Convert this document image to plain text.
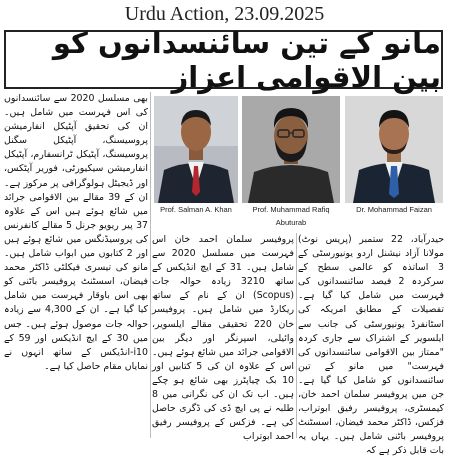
Urdu Action, 23.09.2025
مانو کے تین سائنسدانوں کو بین الاقوامی اعزاز
Prof. Salman A. Khan	Prof. Muhammad Rafiq Abuturab
Dr. Mohammad Faizan

حیدرآباد، 22 ستمبر (پریس نوٹ) مولانا آزاد نیشنل اردو یونیورسٹی کے 3 اساتذہ کو عالمی سطح کے سرکردہ 2 فیصد سائنسدانوں کی فہرست میں شامل کیا گیا ہے۔ تفصیلات کے مطابق امریکہ کی اسٹانفرڈ یونیورسٹی کی جانب سے ایلسویر کے اشتراک سے جاری کردہ "ممتاز بین الاقوامی سائنسدانوں کی فہرست" میں مانو کے تین سائنسدانوں کو شامل کیا گیا ہے۔ جن میں پروفیسر سلمان احمد خان، کیمسٹری، پروفیسر رفیق ابوتراب، فزکس، ڈاکٹر محمد فیضان، اسسٹنٹ پروفیسر باٹنی شامل ہیں۔ یہاں یہ بات قابل ذکر ہے کہ

پروفیسر سلمان احمد خان اس فہرست میں مسلسل 2020 سے شامل ہیں۔ 31 کے ایچ انڈیکس کے ساتھ 3210 زیادہ حوالہ جات (Scopus) ان کے نام کے ساتھ ریکارڈ میں شامل ہیں۔ پروفیسر خان 220 تحقیقی مقالے ایلسویر، وائیلی، اسپرنگر اور دیگر بین الاقوامی جرائد میں شائع ہوئے ہیں۔ اس کے علاوہ ان کی 5 کتابیں اور 10 بک چیاپٹرز بھی شائع ہو چکے ہیں۔ اب تک ان کی نگرانی میں 8 طلبہ نے پی ایچ ڈی کی ڈگری حاصل کی ہے۔ فزکس کے پروفیسر رفیق احمد ابوتراب

بھی مسلسل 2020 سے سائنسدانوں کی اس فہرست میں شامل ہیں۔ ان کی تحقیق آپٹیکل انفارمیشن پروسیسنگ، آپٹیکل سگنل پروسیسنگ، آپٹیکل ٹرانسفارم، آپٹیکل انفارمیشن سیکیورٹی، فوریر آپٹکس، اور ڈیجیٹل ہولوگرافی پر مرکوز ہے۔ ان کے 39 مقالے بین الاقوامی جرائد میں شائع ہوئے ہیں اس کے علاوہ 37 پیر ریویو جرنل 5 مقالے کانفرنس کی پروسیڈنگس میں شائع ہوئے ہیں اور 2 کتابوں میں ابواب شامل ہیں۔ مانو کی تیسری فیکلٹی ڈاکٹر محمد فیضان، اسسٹنٹ پروفیسر باٹنی کو بھی اس باوقار فہرست میں شامل کیا گیا ہے۔ ان کے 4,300 سے زیادہ حوالہ جات موصول ہوئے ہیں۔ جس میں 30 کے ایچ انڈیکس اور 59 کے i10-انڈیکس کے ساتھ انہوں نے نمایاں مقام حاصل کیا ہے۔
